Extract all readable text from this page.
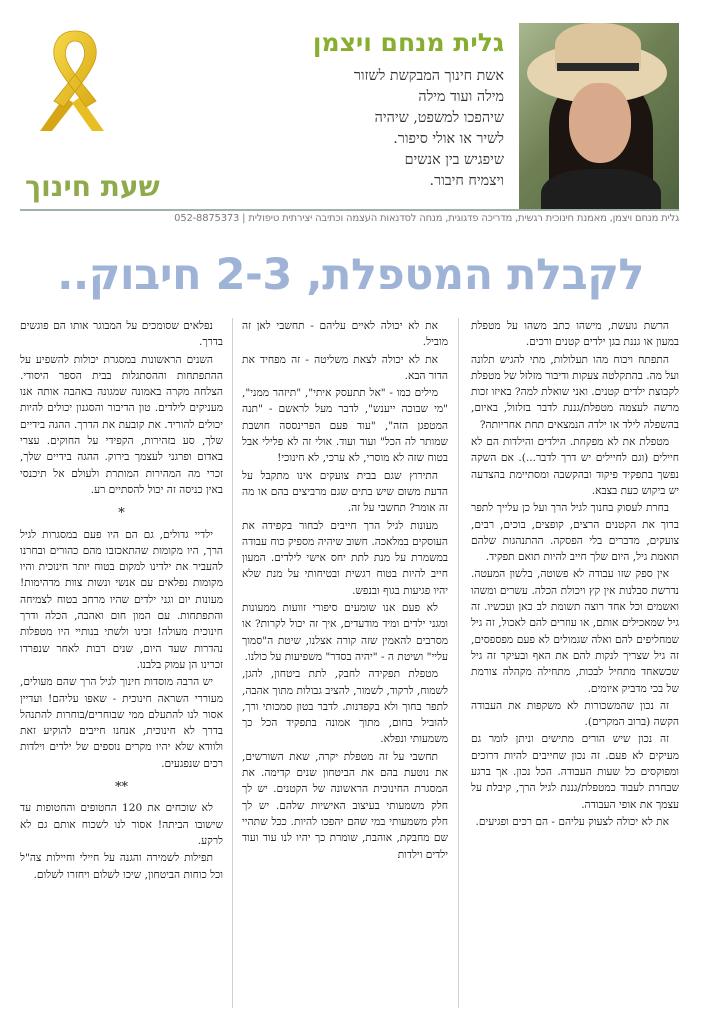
גלית מנחם ויצמן
אשת חינוך המבקשת לשזור
מילה ועוד מילה
שיהפכו למשפט, שיהיה
לשיר או אולי סיפור.
שיפגיש בין אנשים
ויצמיח חיבור.
שעת חינוך
גלית מנחם ויצמן, מאמנת חינוכית רגשית, מדריכה פדגוגית, מנחה לסדנאות העצמה וכתיבה יצירתית טיפולית | 052-8875373
לקבלת המטפלת, 2-3 חיבוק..

הרשת גועשת, מישהו כתב משהו על מטפלת במעון או גננת בגן ילדים קטנים ורכים.

התפתח ויכוח מהו תעלולות, מתי להגיש תלונה ועל מה. בהתקלטה צעקות ודיבור מזלזל של מטפלת לקבוצת ילדים קטנים. ואני שואלת למה? באיזו זכות מרשה לעצמה מטפלת/גננת לדבר בזלזול, באיום, בהשפלה לילד או ילדה הנמצאים תחת אחריותה?

מטפלת את לא מפקחת. הילדים והילדות הם לא חיילים (וגם לחיילים יש דרך לדבר...). אם השקה נפשך בתפקיד פיקוד ובהקשבה ומסתיימת בהצדעה יש ביקוש כעת בצבא.

בחרת לעסוק בחנוך לגיל הרך ועל כן עלייך לתפר ברוך את הקטנים הרצים, קופצים, בוכים, רבים, צועקים, מדברים בלי הפסקה. ההתנהגות שלהם תואמת גיל, היום שלך חייב להיות תואם תפקיד.

אין ספק שזו עבודה לא פשוטה, בלשון המעטה. נדרשת סבלנות אין קץ ויכולת הכלה. עשרים ומשהו ואשמים וכל אחד רוצה תשומת לב כאן ועכשיו. זה גיל שמאכילים אותם, או עוזרים להם לאכול, זה גיל שמחליפים להם ואלה שגמולים לא פעם מפספסים, זה גיל שצריך לנקות להם את האף ובעיקר זה גיל שכשאחד מתחיל לבכות, מתחילה מקהלה צורמת של בכי מדביק איומים.

זה נכון שהמשכורות לא משקפות את העבודה הקשה (ברוב המקרים).

זה נכון שיש הורים מתישים וניתן לומר גם מעיקים לא פעם. זה נכון שחייבים להיות דרוכים ומפוקסים כל שעות העבודה. הכל נכון. אך ברגע שבחרת לעבוד כמטפלת/גננת לגיל הרך, קיבלת על עצמך את אופי העבודה.

את לא יכולה לצעוק עליהם - הם רכים ופגיעים.

את לא יכולה לאיים עליהם - תחשבי לאן זה מוביל.

את לא יכולה לצאת משליטה - זה מפחיד את הדור הבא.

מילים כמו - "אל תתעסק איתי", "תיזהר ממני", "מי שבוכה ייענש", לדבר מעל לראשם - "תנה המטפגן הזה", "עוד פעם הפרינססה חושבת שמותר לה הכל" ועוד ועוד. אולי זה לא פלילי אבל בטוח שזה לא מוסרי, לא ערכי, לא חינוכי!

התירוץ שגם בבית צועקים אינו מתקבל על הדעת משום שיש בתים שגם מרביצים בהם או מה זה אומר? תחשבי על זה.

מעונות לגיל הרך חייבים לבחור בקפידה את העוסקים במלאכה. חשוב שיהיה מספיק כוח עבודה במשמרת על מנת לתת יחס אישי לילדים. המעון חייב להיות בטוח רגשית ובטיחותי על מנת שלא יהיו פגיעות בגוף ובנפש.

לא פעם אנו שומעים סיפורי זוועות ממעונות ומגני ילדים ומיד מודעדים, איך זה יכול לקרות? או מסרבים להאמין שזה קורה אצלנו, שיטת ה"סמוך עליי" ושיטת ה - "יהיה בסדר" משפיעות על כולנו.

מטפלת תפקידה לחבק, לתת ביטחון, להגן, לשמוח, לרקוד, לשמור, להציב גבולות מתוך אהבה, לתפר בחוך ולא בקפדנות. לדבר בטון סמכותי ורך, להוביל בחום, מתוך אמונה בתפקיד הכל כך משמעותי ונפלא.

תחשבי על זה מטפלת יקרה, שאת השורשים, את נוטעת בהם את הביטחון שנים קדימה. את המסגרת החינוכית הראשונה של הקטנים. יש לך חלק משמעותי בעיצוב האישיות שלהם. יש לך חלק משמעותי במי שהם יהפכו להיות. ככל שתהיי שם מחבקת, אוהבת, שומרת כך יהיו לנו עוד ועוד ילדים וילדות

נפלאים שסומכים על המבוגר אותו הם פוגשים בדרך.

השנים הראשונות במסגרת יכולות להשפיע על ההתפתחות וההסתגלות בבית הספר היסודי. הצלחה מקרה באמונה שמגונה באהבה אותה אנו מעניקים לילדים. טון הדיבור והסגנון יכולים להיות יכולים להוריד. את קובעת את הדרך. ההגה בידיים שלך, סע בזהירות, הקפידי על החוקים. עצרי באדום ופרגני לעצמך בירוק. ההגה בידיים שלך, זכרי מה המהירות המותרת ולעולם אל תיכנסי באין כניסה זה יכול להסתיים רע.

*

ילדיי גדולים, גם הם היו פעם במסגרות לגיל הרך, היו מקומות שהתאכזבו מהם כהורים ובחרנו להעביר את ילדינו למקום בטוח יותר חינוכית והיו מקומות נפלאים עם אנשי ונשות צוות מדהימות! מעונות יום וגני ילדים שהיו מרחב בטוח לצמיחה והתפתחות. עם המון חום ואהבה, הכלה ודרך חינוכית מעולה! זכינו ולשתי בנותיי היו מטפלות נהדרות שעד היום, שנים רבות לאחר שנפרדו זכרינו הן עמוק בלבנו.

יש הרבה מוסדות חינוך לגיל הרך שהם מעולים, מעוררי השראה חינוכית - שאפו עליהם! ועדיין אסור לנו להתעלם ממי שבוחרים/בוחרות להתנהל בדרך לא חינוכית, אנחנו חייבים להוקיע זאת ולוודא שלא יהיו מקרים נוספים של ילדים וילדות רכים שנפגעים.

**

לא שוכחים את 120 החטופים והחטופות עד שישובו הביתה! אסור לנו לשכוח אותם גם לא לרקע.

תפילות לשמירה והגנה על חיילי וחיילות צה"ל וכל כוחות הביטחון, שיכו לשלום ויחזרו לשלום.
